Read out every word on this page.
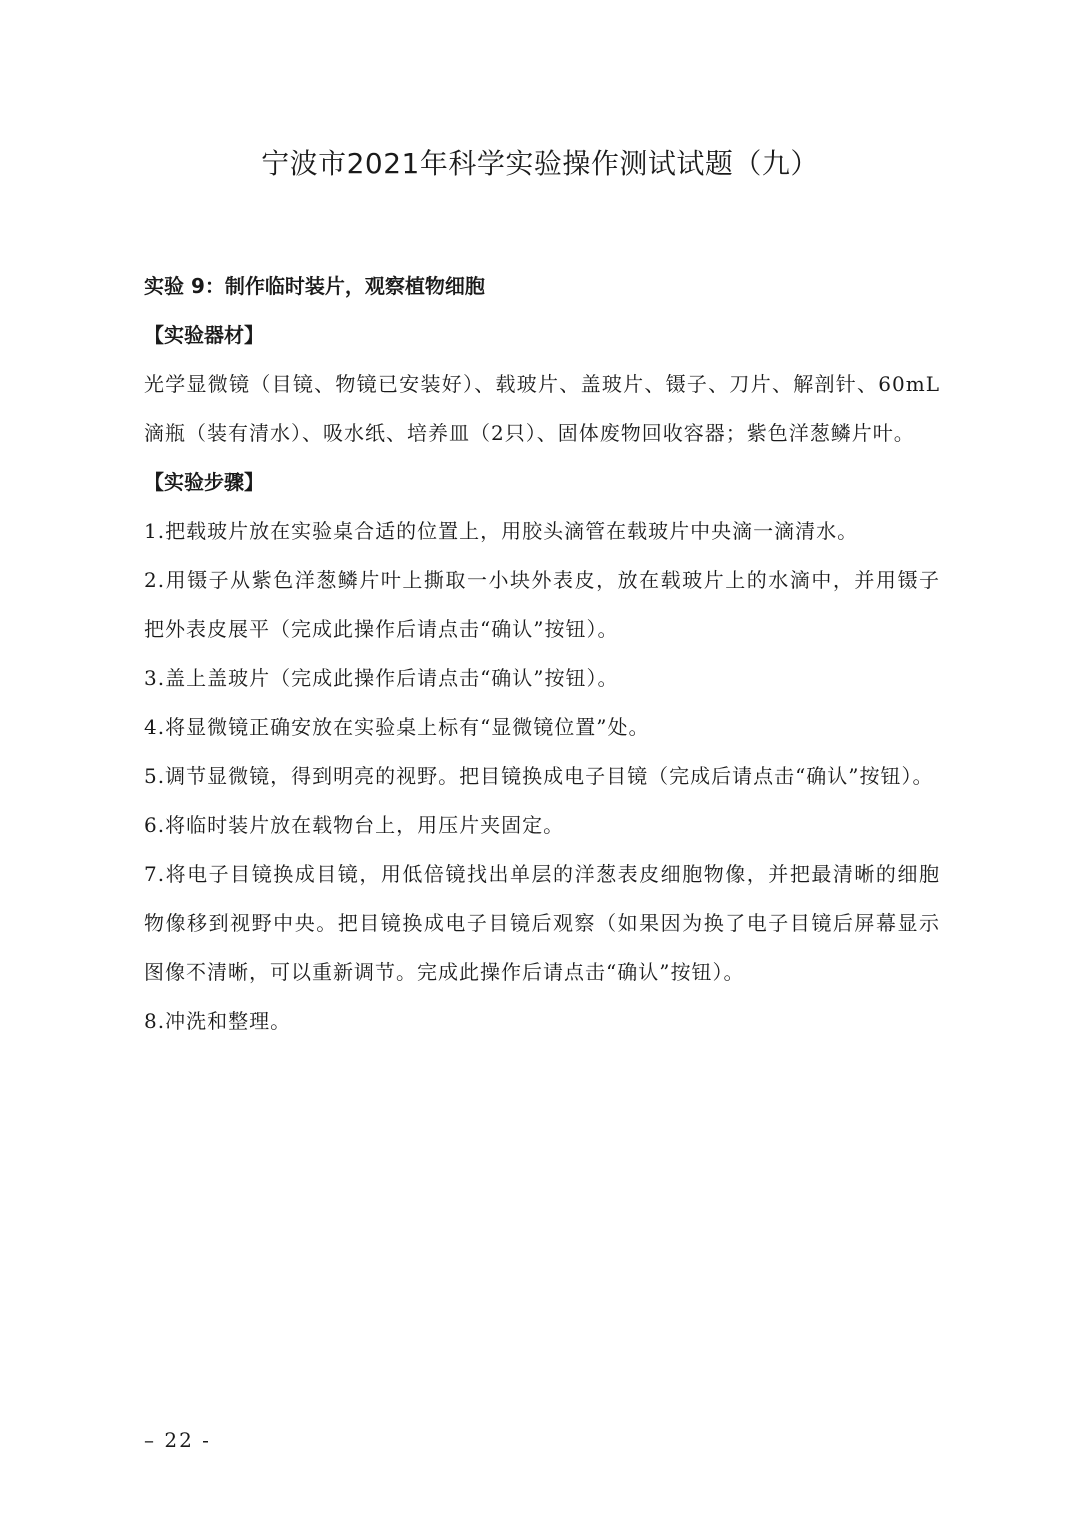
宁波市2021年科学实验操作测试试题（九）

实验 9：制作临时装片，观察植物细胞

【实验器材】

光学显微镜（目镜、物镜已安装好）、载玻片、盖玻片、镊子、刀片、解剖针、60mL滴瓶（装有清水）、吸水纸、培养皿（2只）、固体废物回收容器；紫色洋葱鳞片叶。

【实验步骤】

1.把载玻片放在实验桌合适的位置上，用胶头滴管在载玻片中央滴一滴清水。

2.用镊子从紫色洋葱鳞片叶上撕取一小块外表皮，放在载玻片上的水滴中，并用镊子把外表皮展平（完成此操作后请点击“确认”按钮）。

3.盖上盖玻片（完成此操作后请点击“确认”按钮）。

4.将显微镜正确安放在实验桌上标有“显微镜位置”处。

5.调节显微镜，得到明亮的视野。把目镜换成电子目镜（完成后请点击“确认”按钮）。

6.将临时装片放在载物台上，用压片夹固定。

7.将电子目镜换成目镜，用低倍镜找出单层的洋葱表皮细胞物像，并把最清晰的细胞物像移到视野中央。把目镜换成电子目镜后观察（如果因为换了电子目镜后屏幕显示图像不清晰，可以重新调节。完成此操作后请点击“确认”按钮）。

8.冲洗和整理。

– 22 -
